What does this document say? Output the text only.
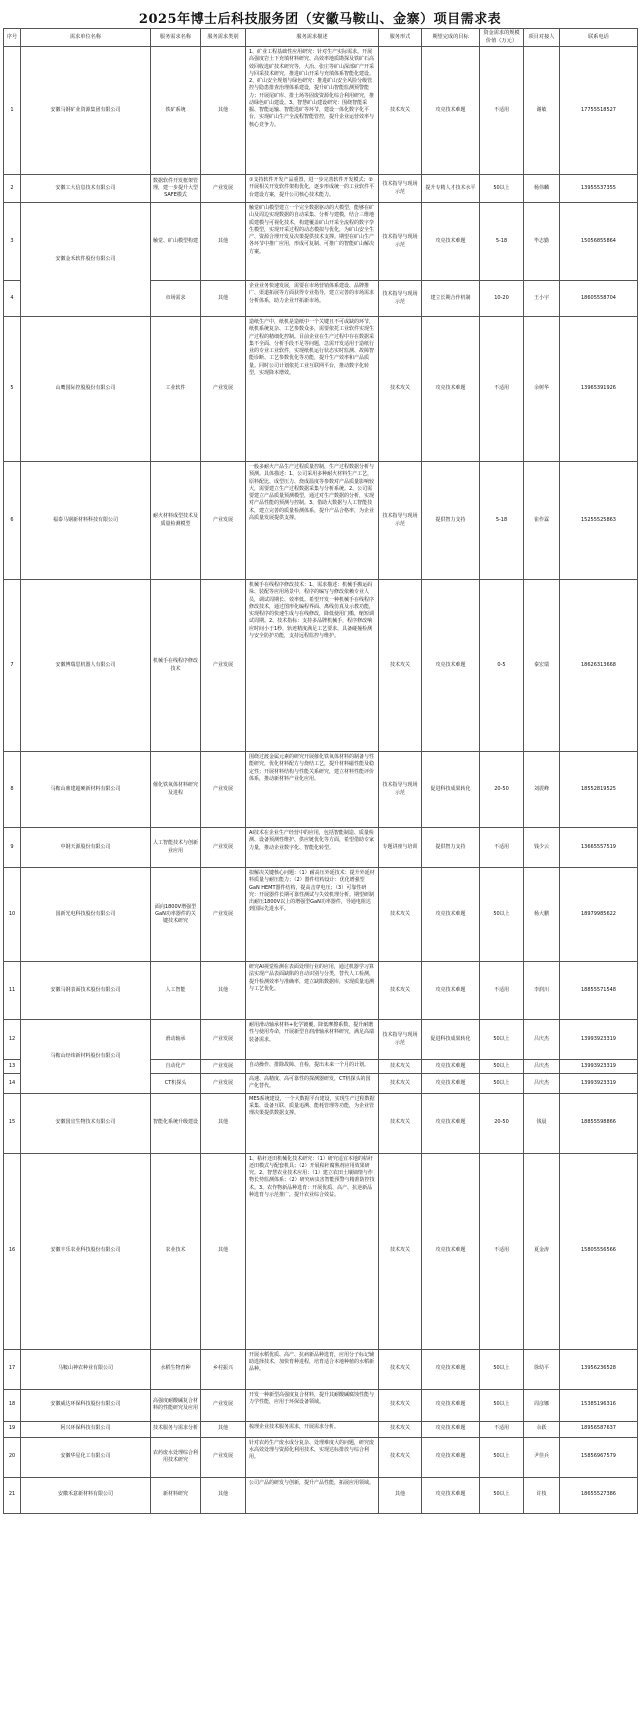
2025年博士后科技服务团（安徽马鞍山、金寨）项目需求表
序号	需求单位名称	服务需求名称	服务需求类别	服务需求描述	服务形式	期望完成的目标	资金需求的规模价值（万元）	项目对接人	联系电话
1	安徽马钢矿业资源集团有限公司	铁矿系统	其他	1、矿业工程基础性应用研究：针对生产实际需求，开展高强度岩土下充填材料研究、高效率地质勘探及铁矿石高效回收选矿技术研究等，大冶、张庄等矿山深部矿产开采与回采技术研究，推进矿山开采与充填体系智能化建设。2、矿山安全规划与绿色研究：推进矿山安全风险分级管控与隐患排查治理体系建设，提升矿山智能监测预警能力；开展尾矿库、排土场等固废资源化综合利用研究，推动绿色矿山建设。3、智慧矿山建设研究：围绕智能采掘、智能运输、智能选矿等环节，建设一体化数字化平台，实现矿山生产全流程智能管控，提升企业运营效率与核心竞争力。	技术攻关	攻克技术难题	不适用	谢敏	17755518527
2	安徽工大信息技术有限公司	数据软件开发框架管理，建一步提升大型SAFE模式	产业发展	①支持软件开发产品重置，进一步完善软件开发模式；②开展相关开发软件架构优化，逐步形成统一的工业软件平台建设方案，提升公司核心技术能力。	技术指导与现场示范	提升专精人才技术水平	50以上	杨伟麟	13955537355
3	安徽金禾软件股份有限公司	触觉、矿山模型构建	其他	触觉矿山模型建立一个完全数据驱动的大模型，能够在矿山及周边实现数据的自动采集、分析与建模，结合三维地质建模与可视化技术，构建覆盖矿山开采全流程的数字孪生模型，实现开采过程的动态模拟与优化，为矿山安全生产、资源合理开发及决策提供技术支撑。期望在矿山生产各环节中推广应用，形成可复制、可推广的智能矿山解决方案。	技术指导与现场示范	攻克技术难题	5-18	毕志勤	15056855864
4		市场需求	其他	企业业务快速发展，需要在市场营销体系建设、品牌推广、渠道拓展等方面获得专业指导，建立完善的市场需求分析体系，助力企业开拓新市场。	技术指导与现场示范	建立长期合作机制	10-20	王小宇	18605558704
5	山鹰国际控股股份有限公司	工业软件	产业发展	造纸生产中，纸机是造纸中一个关键且不可或缺的环节，纸机系统复杂、工艺参数众多，需要依托工业软件实现生产过程的精细化控制。目前企业在生产过程中存在数据采集不全面、分析手段不足等问题，急需开发适用于造纸行业的专业工业软件，实现纸机运行状态实时监测、故障智能诊断、工艺参数优化等功能，提升生产效率和产品质量。同时公司计划依托工业互联网平台，推动数字化转型，实现降本增效。	技术攻关	攻克技术难题	不适用	余树华	13965391926
6	福泰马钢新材料科技有限公司	耐火材料成型技术及质量检测模型	产业发展	一般多耐火产品生产过程质量控制，生产过程数据分析与预测。具体描述：1、公司采用多种耐火材料生产工艺，原料配比、成型压力、烧成温度等参数对产品质量影响较大，需要建立生产过程数据采集与分析系统。2、公司需要建立产品质量预测模型，通过对生产数据的分析，实现对产品性能的预测与控制。3、借助大数据与人工智能技术，建立完善的质量检测体系，提升产品合格率，为企业高质量发展提供支撑。	技术指导与现场示范	提供智力支持	5-18	崔作霖	15255525863
7	安徽博瑞思机器人有限公司	机械手在线程序修改技术	产业发展	机械手在线程序修改技术：1、需求描述：机械手搬运码垛、装配等应用场景中，程序的编写与修改依赖专业人员，调试周期长、效率低。希望开发一种机械手在线程序修改技术，通过图形化编程界面、离线仿真及示教功能，实现程序的快速生成与在线修改，降低使用门槛，缩短调试周期。2、技术指标：支持多品牌机械手，程序修改响应时间小于1秒，轨迹精度满足工艺要求，具备碰撞检测与安全防护功能，支持远程监控与维护。	技术攻关	攻克技术难题	0-5	秦宏瑞	18626313668
8	马鞍山鼎建超硬新材料有限公司	催化铁氧体材料研究及进程	产业发展	围绕过渡金属元素的研究开展催化铁氧体材料的制备与性能研究，优化材料配方与烧结工艺，提升材料磁性能及稳定性；开展材料结构与性能关系研究，建立材料性能评价体系，推动新材料产业化应用。	技术指导与现场示范	促进科技成果转化	20-50	刘震峰	18552819525
9	中钢天源股份有限公司	人工智能技术与创新业应用	产业发展	AI技术在企业生产经营中的应用，包括智能制造、质量检测、设备预测性维护、供应链优化等方面，希望借助专家力量，推动企业数字化、智能化转型。	专题讲座与培训	提供智力支持	不适用	钱少云	13665557519
10	国新光电科技股份有限公司	面向1800V增强型GaN功率器件的关键技术研究	产业发展	拟解决关键核心问题：（1）耐高压外延技术：提升外延材料质量与耐压能力；（2）器件结构设计：优化增强型GaN HEMT器件结构，提高击穿电压；（3）可靠性研究：开展器件长期可靠性测试与失效机理分析。期望研制出耐压1800V以上的增强型GaN功率器件，导通电阻达到国际先进水平。	技术攻关	攻克技术难题	50以上	杨大鹏	18979985622
11	安徽马钢表面技术股份有限公司	人工智能	其他	研究AI视觉检测在表面处理行业的应用，通过机器学习算法实现产品表面缺陷的自动识别与分类，替代人工检测，提升检测效率与准确率，建立缺陷数据库，实现质量追溯与工艺优化。	技术攻关	攻克技术难题	不适用	李润川	18855571548
12	马鞍山经纬新材料股份有限公司	滑动轴承	产业发展	耐用滑动轴承材料+化学镀覆，降低摩擦系数，提升耐磨性与使用寿命，开展新型自润滑轴承材料研究，满足高端装备需求。	技术指导与现场示范	促进科技成果转化	50以上	吕庆杰	13993923319
13		自动化产	产业发展	自动操作、排除故障、自检，提出未来一个月的计划。	技术攻关	攻克技术难题	50以上	吕庆杰	13993923319
14		CT机探头	产业发展	高速、高精度、高可靠性的探测器研发，CT机探头的国产化替代。	技术攻关	攻克技术难题	50以上	吕庆杰	13993923319
15	安徽国宜生物技术有限公司	智能化系统升级建设	其他	MES系统建设，一个大数据平台建设，实现生产过程数据采集、设备互联、质量追溯、能耗管理等功能，为企业管理决策提供数据支撑。	技术攻关	攻克技术难题	20-50	钱晨	18855598866
16	安徽丰乐农业科技股份有限公司	农业技术	其他	1、秸秆还田机械化技术研究：（1）研究适宜本地的秸秆还田模式与配套机具；（2）开展秸秆腐熟剂应用效果研究。2、智慧农业技术应用：（1）建立农田土壤墒情与作物长势监测体系；（2）研究病虫害智能预警与精准防控技术。3、农作物新品种选育：开展优质、高产、抗逆新品种选育与示范推广，提升农业综合效益。	技术攻关	攻克技术难题	不适用	夏金涛	15805556566
17	马鞍山神农种业有限公司	水稻生物育种	乡村振兴	开展水稻优质、高产、抗病新品种选育，应用分子标记辅助选择技术，加快育种进程，培育适合本地种植的水稻新品种。	技术攻关	攻克技术难题	50以上	徐幼平	13956236528
18	安徽威达环保科技股份有限公司	高强度耐酸碱复合材料的性能研究及应用	产业发展	开发一种新型高强度复合材料，提升其耐酸碱腐蚀性能与力学性能，应用于环保设备领域。	技术攻关	攻克技术难题	50以上	周彦娜	15385196316
19	阿兴环保科技有限公司	技术服务与需求分析	其他	梳理企业技术服务需求，开展需求分析。	技术攻关	攻克技术难题	不适用	余跃	18956587637
20	安徽华星化工有限公司	农药废水处理综合利用技术研究	产业发展	针对农药生产废水成分复杂、处理难度大的问题，研究废水高效处理与资源化利用技术，实现达标排放与综合利用。	技术攻关	攻克技术难题	50以上	尹佳兵	15856967579
21	安徽禾意新材料有限公司	新材料研究	其他	公司产品的研发与创新，提升产品性能，拓展应用领域。	其他	攻克技术难题	50以上	许枝	18655527386
